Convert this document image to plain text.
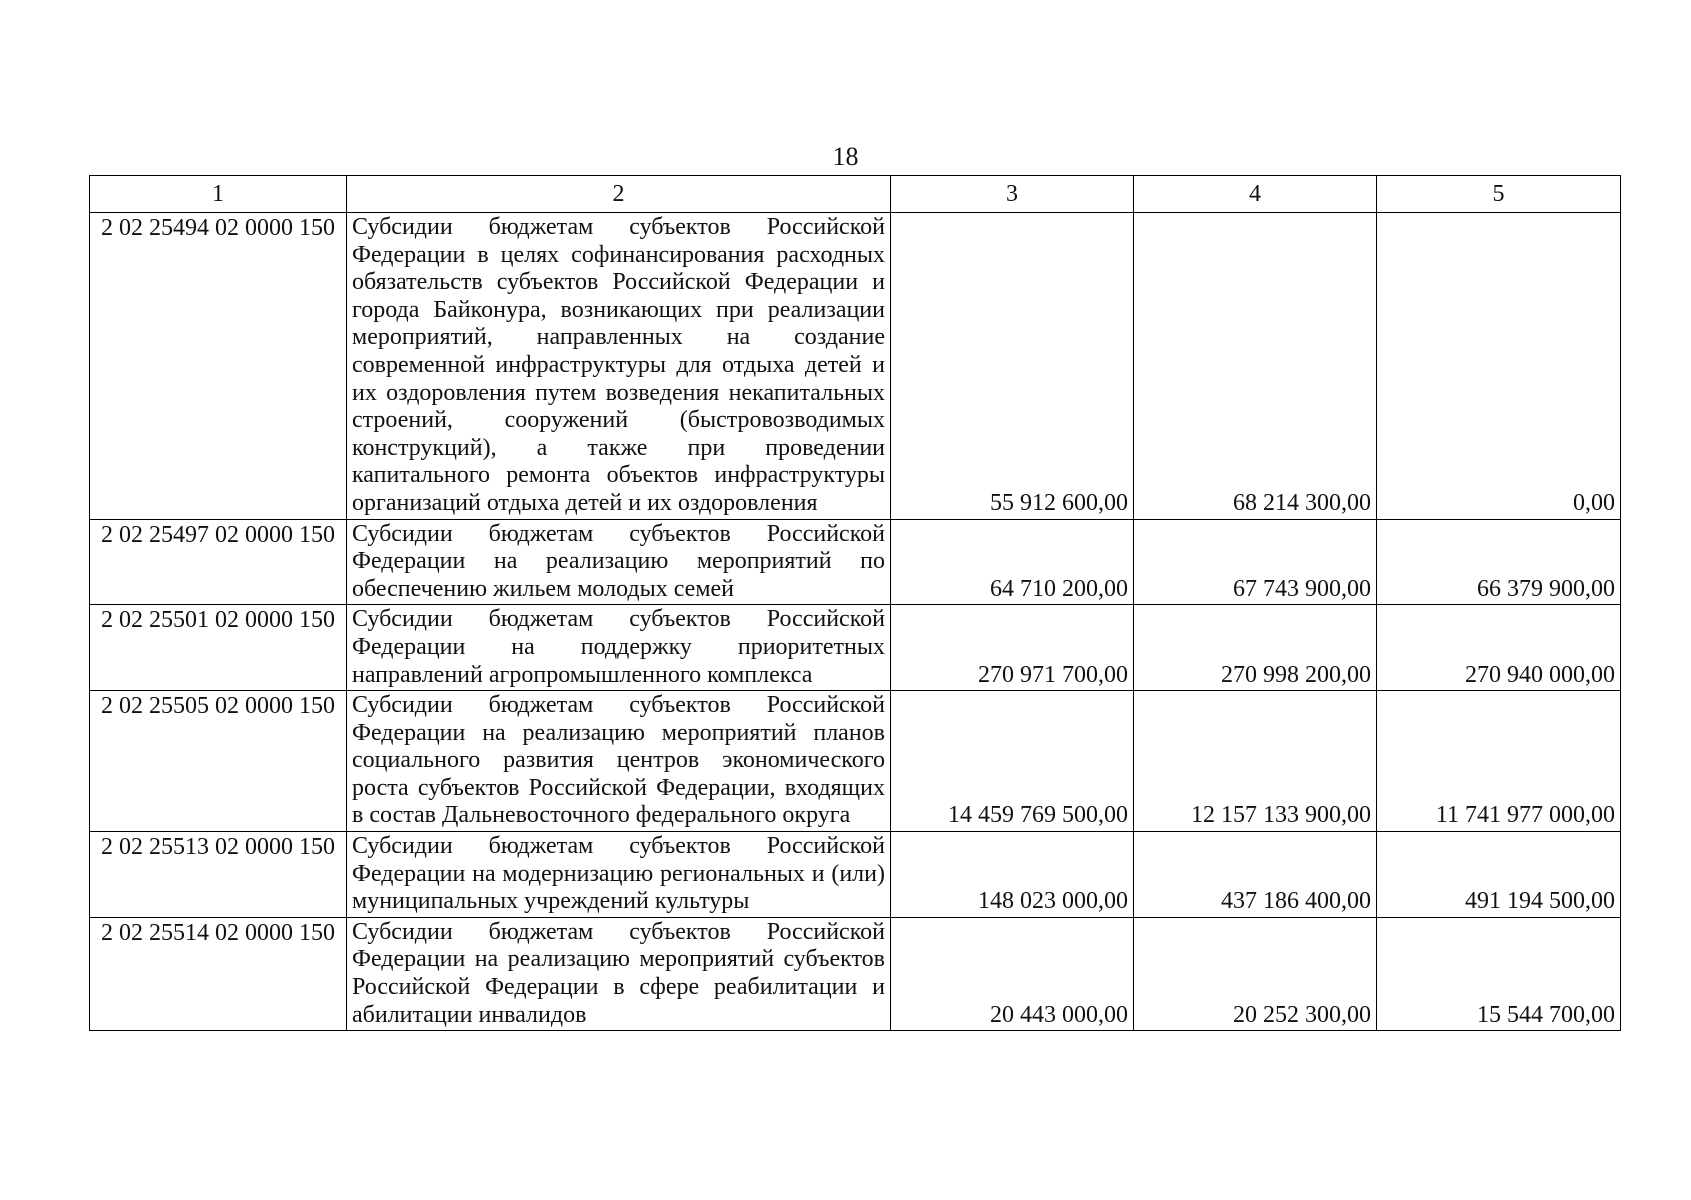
18
1	2	3	4	5
2 02 25494 02 0000 150	Субсидии бюджетам субъектов Российской Федерации в целях софинансирования расходных обязательств субъектов Российской Федерации и города Байконура, возникающих при реализации мероприятий, направленных на создание современной инфраструктуры для отдыха детей и их оздоровления путем возведения некапитальных строений, сооружений (быстровозводимых конструкций), а также при проведении капитального ремонта объектов инфраструктуры организаций отдыха детей и их оздоровления	55 912 600,00	68 214 300,00	0,00
2 02 25497 02 0000 150	Субсидии бюджетам субъектов Российской Федерации на реализацию мероприятий по обеспечению жильем молодых семей	64 710 200,00	67 743 900,00	66 379 900,00
2 02 25501 02 0000 150	Субсидии бюджетам субъектов Российской Федерации на поддержку приоритетных направлений агропромышленного комплекса	270 971 700,00	270 998 200,00	270 940 000,00
2 02 25505 02 0000 150	Субсидии бюджетам субъектов Российской Федерации на реализацию мероприятий планов социального развития центров экономического роста субъектов Российской Федерации, входящих в состав Дальневосточного федерального округа	14 459 769 500,00	12 157 133 900,00	11 741 977 000,00
2 02 25513 02 0000 150	Субсидии бюджетам субъектов Российской Федерации на модернизацию региональных и (или) муниципальных учреждений культуры	148 023 000,00	437 186 400,00	491 194 500,00
2 02 25514 02 0000 150	Субсидии бюджетам субъектов Российской Федерации на реализацию мероприятий субъектов Российской Федерации в сфере реабилитации и абилитации инвалидов	20 443 000,00	20 252 300,00	15 544 700,00
